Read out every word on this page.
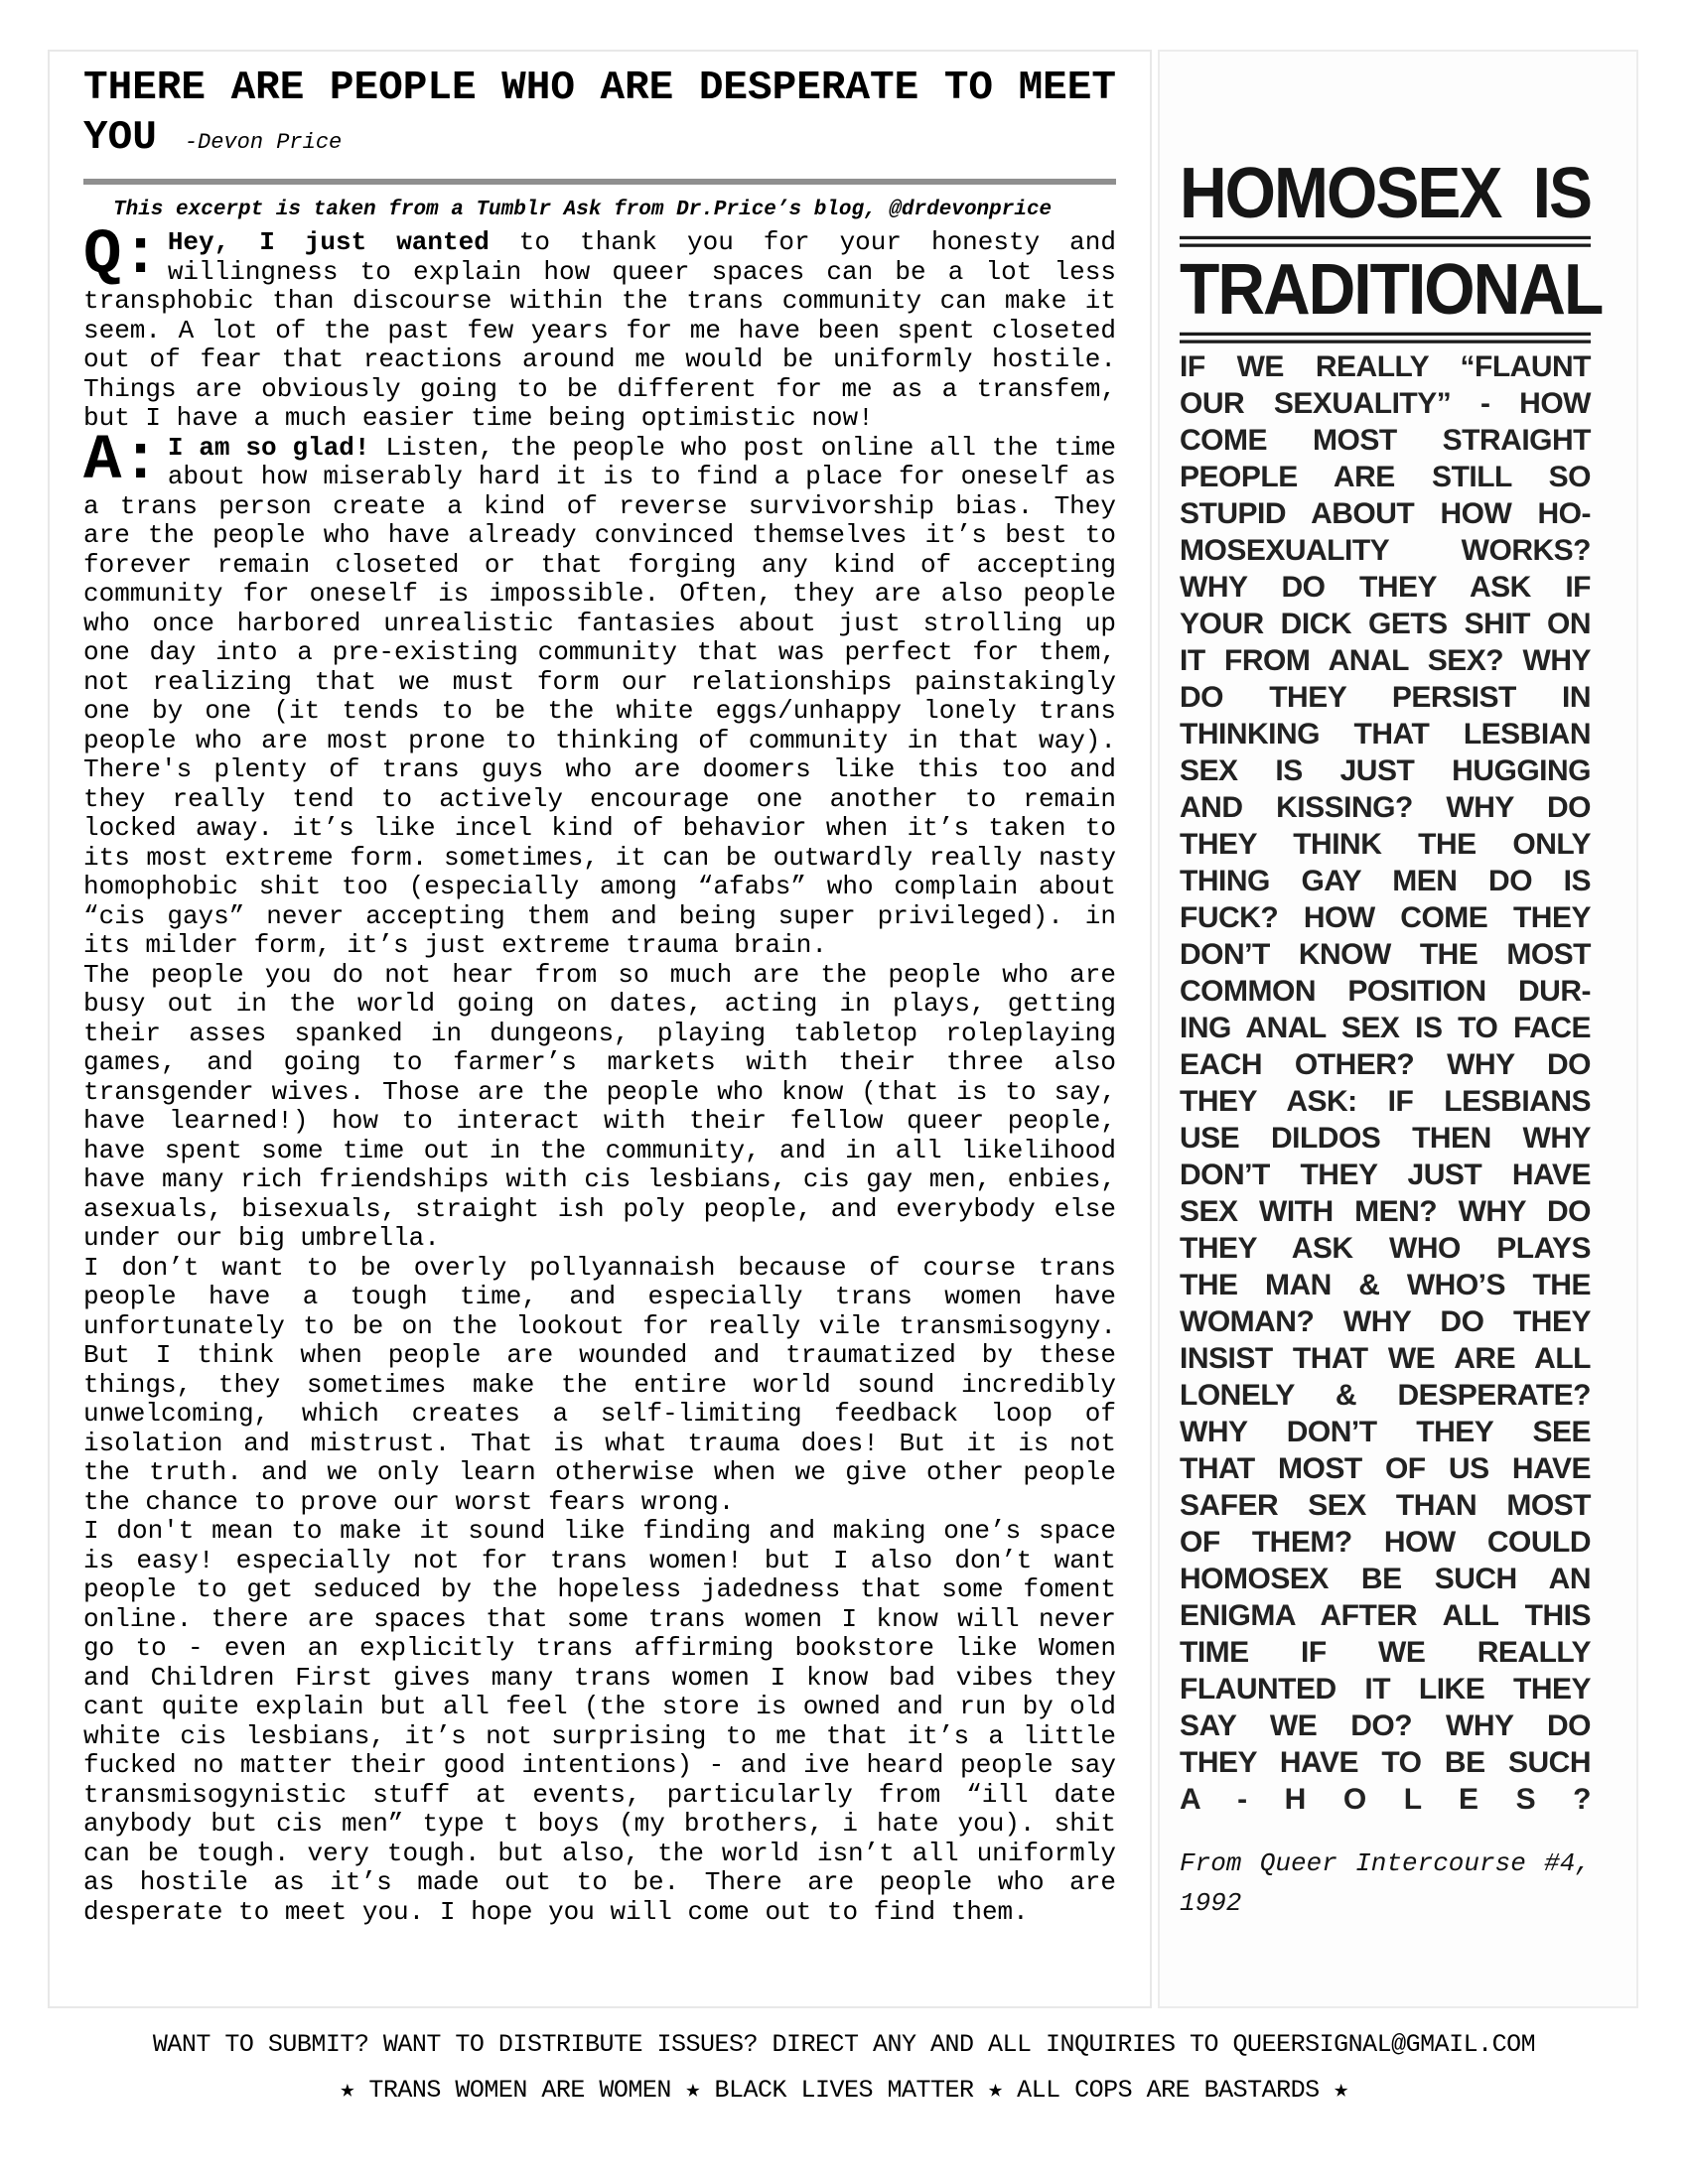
THERE ARE PEOPLE WHO ARE DESPERATE TO MEET
YOU -Devon Price
This excerpt is taken from a Tumblr Ask from Dr.Price’s blog, @drdevonprice
Q: Hey, I just wanted to thank you for your honesty and willingness to explain how queer spaces can be a lot less transphobic than discourse within the trans community can make it seem. A lot of the past few years for me have been spent closeted out of fear that reactions around me would be uniformly hostile. Things are obviously going to be different for me as a transfem, but I have a much easier time being optimistic now!
A: I am so glad! Listen, the people who post online all the time about how miserably hard it is to find a place for oneself as a trans person create a kind of reverse survivorship bias. They are the people who have already convinced themselves it’s best to forever remain closeted or that forging any kind of accepting community for oneself is impossible. Often, they are also people who once harbored unrealistic fantasies about just strolling up one day into a pre-existing community that was perfect for them, not realizing that we must form our relationships painstakingly one by one (it tends to be the white eggs/unhappy lonely trans people who are most prone to thinking of community in that way). There's plenty of trans guys who are doomers like this too and they really tend to actively encourage one another to remain locked away. it’s like incel kind of behavior when it’s taken to its most extreme form. sometimes, it can be outwardly really nasty homophobic shit too (especially among “afabs” who complain about “cis gays” never accepting them and being super privileged). in its milder form, it’s just extreme trauma brain.
The people you do not hear from so much are the people who are busy out in the world going on dates, acting in plays, getting their asses spanked in dungeons, playing tabletop roleplaying games, and going to farmer’s markets with their three also transgender wives. Those are the people who know (that is to say, have learned!) how to interact with their fellow queer people, have spent some time out in the community, and in all likelihood have many rich friendships with cis lesbians, cis gay men, enbies, asexuals, bisexuals, straight ish poly people, and everybody else under our big umbrella.
I don’t want to be overly pollyannaish because of course trans people have a tough time, and especially trans women have unfortunately to be on the lookout for really vile transmisogyny. But I think when people are wounded and traumatized by these things, they sometimes make the entire world sound incredibly unwelcoming, which creates a self-limiting feedback loop of isolation and mistrust. That is what trauma does! But it is not the truth. and we only learn otherwise when we give other people the chance to prove our worst fears wrong.
I don't mean to make it sound like finding and making one’s space is easy! especially not for trans women! but I also don’t want people to get seduced by the hopeless jadedness that some foment online. there are spaces that some trans women I know will never go to - even an explicitly trans affirming bookstore like Women and Children First gives many trans women I know bad vibes they cant quite explain but all feel (the store is owned and run by old white cis lesbians, it’s not surprising to me that it’s a little fucked no matter their good intentions) - and ive heard people say transmisogynistic stuff at events, particularly from “ill date anybody but cis men” type t boys (my brothers, i hate you). shit can be tough. very tough. but also, the world isn’t all uniformly as hostile as it’s made out to be. There are people who are desperate to meet you. I hope you will come out to find them.
HOMOSEX IS
TRADITIONAL
IF WE REALLY “FLAUNT
OUR SEXUALITY” - HOW
COME MOST STRAIGHT
PEOPLE ARE STILL SO
STUPID ABOUT HOW HO-
MOSEXUALITY WORKS?
WHY DO THEY ASK IF
YOUR DICK GETS SHIT ON
IT FROM ANAL SEX? WHY
DO THEY PERSIST IN
THINKING THAT LESBIAN
SEX IS JUST HUGGING
AND KISSING? WHY DO
THEY THINK THE ONLY
THING GAY MEN DO IS
FUCK? HOW COME THEY
DON’T KNOW THE MOST
COMMON POSITION DUR-
ING ANAL SEX IS TO FACE
EACH OTHER? WHY DO
THEY ASK: IF LESBIANS
USE DILDOS THEN WHY
DON’T THEY JUST HAVE
SEX WITH MEN? WHY DO
THEY ASK WHO PLAYS
THE MAN & WHO’S THE
WOMAN? WHY DO THEY
INSIST THAT WE ARE ALL
LONELY & DESPERATE?
WHY DON’T THEY SEE
THAT MOST OF US HAVE
SAFER SEX THAN MOST
OF THEM? HOW COULD
HOMOSEX BE SUCH AN
ENIGMA AFTER ALL THIS
TIME IF WE REALLY
FLAUNTED IT LIKE THEY
SAY WE DO? WHY DO
THEY HAVE TO BE SUCH
A - H O L E S ?
From Queer Intercourse #4,
1992
WANT TO SUBMIT? WANT TO DISTRIBUTE ISSUES? DIRECT ANY AND ALL INQUIRIES TO QUEERSIGNAL@GMAIL.COM
★ TRANS WOMEN ARE WOMEN ★ BLACK LIVES MATTER ★ ALL COPS ARE BASTARDS ★
